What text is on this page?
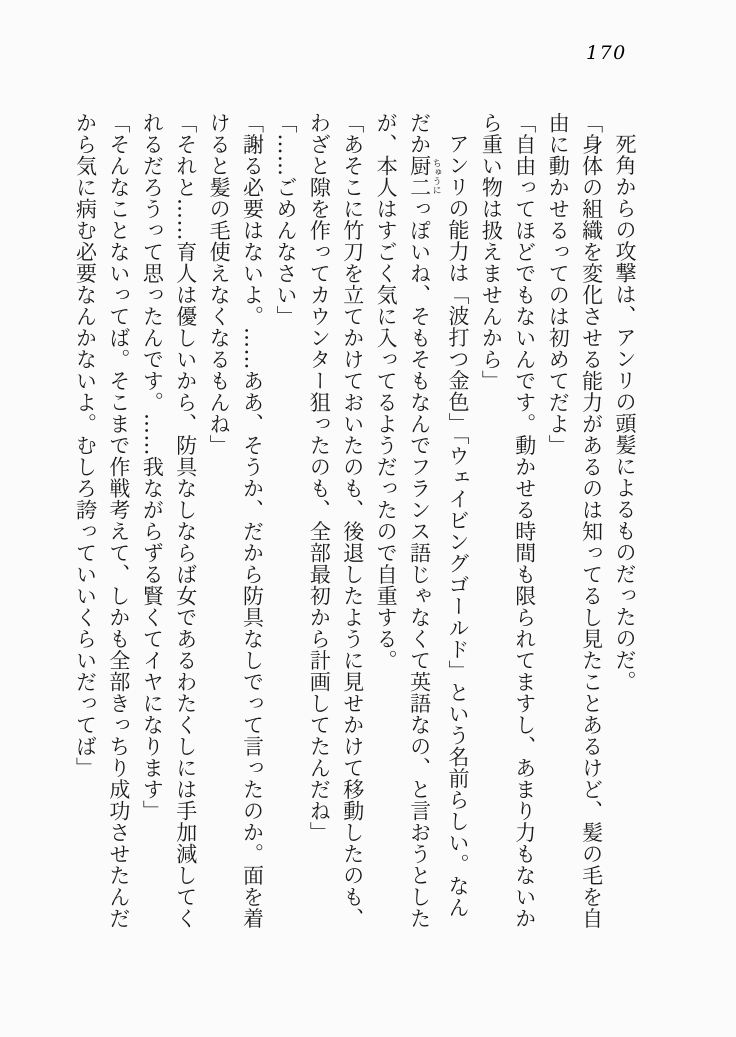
170
死角からの攻撃は、アンリの頭髪によるものだったのだ。
「身体の組織を変化させる能力があるのは知ってるし見たことあるけど、髪の毛を自
由に動かせるってのは初めてだよ」
「自由ってほどでもないんです。動かせる時間も限られてますし、あまり力もないか
ら重い物は扱えませんから」
アンリの能力は「波打つ金色」「ウェイビングゴールド」という名前らしい。なん
だか厨二 ちゅうにっぽいね、そもそもなんでフランス語じゃなくて英語なの、と言おうとした
が、本人はすごく気に入ってるようだったので自重する。
「あそこに竹刀を立てかけておいたのも、後退したように見せかけて移動したのも、
わざと隙を作ってカウンター狙ったのも、全部最初から計画してたんだね」
「……ごめんなさい」
「謝る必要はないよ。……ああ、そうか、だから防具なしでって言ったのか。面を着
けると髪の毛使えなくなるもんね」
「それと……育人は優しいから、防具なしならば女であるわたくしには手加減してく
れるだろうって思ったんです。……我ながらずる賢くてイヤになります」
「そんなことないってば。そこまで作戦考えて、しかも全部きっちり成功させたんだ
から気に病む必要なんかないよ。むしろ誇っていいくらいだってば」
